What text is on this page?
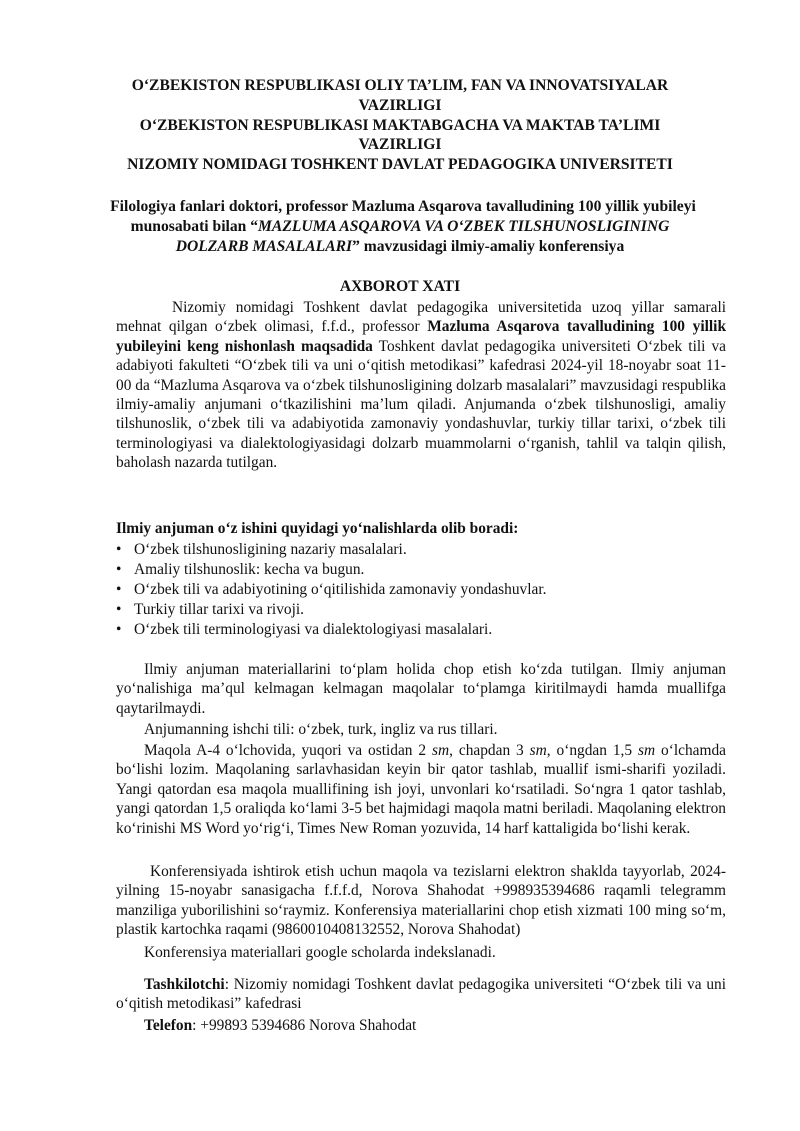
O‘ZBEKISTON RESPUBLIKASI OLIY TA’LIM, FAN VA INNOVATSIYALAR
VAZIRLIGI
O‘ZBEKISTON RESPUBLIKASI MAKTABGACHA VA MAKTAB TA’LIMI
VAZIRLIGI
NIZOMIY NOMIDAGI TOSHKENT DAVLAT PEDAGOGIKA UNIVERSITETI
Filologiya fanlari doktori, professor Mazluma Asqarova tavalludining 100 yillik yubileyi munosabati bilan “MAZLUMA ASQAROVA VA O‘ZBEK TILSHUNOSLIGINING DOLZARB MASALALARI” mavzusidagi ilmiy-amaliy konferensiya
AXBOROT XATI
Nizomiy nomidagi Toshkent davlat pedagogika universitetida uzoq yillar samarali mehnat qilgan o‘zbek olimasi, f.f.d., professor Mazluma Asqarova tavalludining 100 yillik yubileyini keng nishonlash maqsadida Toshkent davlat pedagogika universiteti O‘zbek tili va adabiyoti fakulteti “O‘zbek tili va uni o‘qitish metodikasi” kafedrasi 2024-yil 18-noyabr soat 11-00 da “Mazluma Asqarova va o‘zbek tilshunosligining dolzarb masalalari” mavzusidagi respublika ilmiy-amaliy anjumani o‘tkazilishini ma’lum qiladi. Anjumanda o‘zbek tilshunosligi, amaliy tilshunoslik, o‘zbek tili va adabiyotida zamonaviy yondashuvlar, turkiy tillar tarixi, o‘zbek tili terminologiyasi va dialektologiyasidagi dolzarb muammolarni o‘rganish, tahlil va talqin qilish, baholash nazarda tutilgan.
Ilmiy anjuman o‘z ishini quyidagi yo‘nalishlarda olib boradi:
• O‘zbek tilshunosligining nazariy masalalari.
• Amaliy tilshunoslik: kecha va bugun.
• O‘zbek tili va adabiyotining o‘qitilishida zamonaviy yondashuvlar.
• Turkiy tillar tarixi va rivoji.
• O‘zbek tili terminologiyasi va dialektologiyasi masalalari.
Ilmiy anjuman materiallarini to‘plam holida chop etish ko‘zda tutilgan. Ilmiy anjuman yo‘nalishiga ma’qul kelmagan kelmagan maqolalar to‘plamga kiritilmaydi hamda muallifga qaytarilmaydi.
Anjumanning ishchi tili: o‘zbek, turk, ingliz va rus tillari.
Maqola A-4 o‘lchovida, yuqori va ostidan 2 sm, chapdan 3 sm, o‘ngdan 1,5 sm o‘lchamda bo‘lishi lozim. Maqolaning sarlavhasidan keyin bir qator tashlab, muallif ismi-sharifi yoziladi. Yangi qatordan esa maqola muallifining ish joyi, unvonlari ko‘rsatiladi. So‘ngra 1 qator tashlab, yangi qatordan 1,5 oraliqda ko‘lami 3-5 bet hajmidagi maqola matni beriladi. Maqolaning elektron ko‘rinishi MS Word yo‘rig‘i, Times New Roman yozuvida, 14 harf kattaligida bo‘lishi kerak.
Konferensiyada ishtirok etish uchun maqola va tezislarni elektron shaklda tayyorlab, 2024-yilning 15-noyabr sanasigacha f.f.f.d, Norova Shahodat +998935394686 raqamli telegramm manziliga yuborilishini so‘raymiz. Konferensiya materiallarini chop etish xizmati 100 ming so‘m, plastik kartochka raqami (9860010408132552, Norova Shahodat)
Konferensiya materiallari google scholarda indekslanadi.
Tashkilotchi: Nizomiy nomidagi Toshkent davlat pedagogika universiteti “O‘zbek tili va uni o‘qitish metodikasi” kafedrasi
Telefon: +99893 5394686 Norova Shahodat
